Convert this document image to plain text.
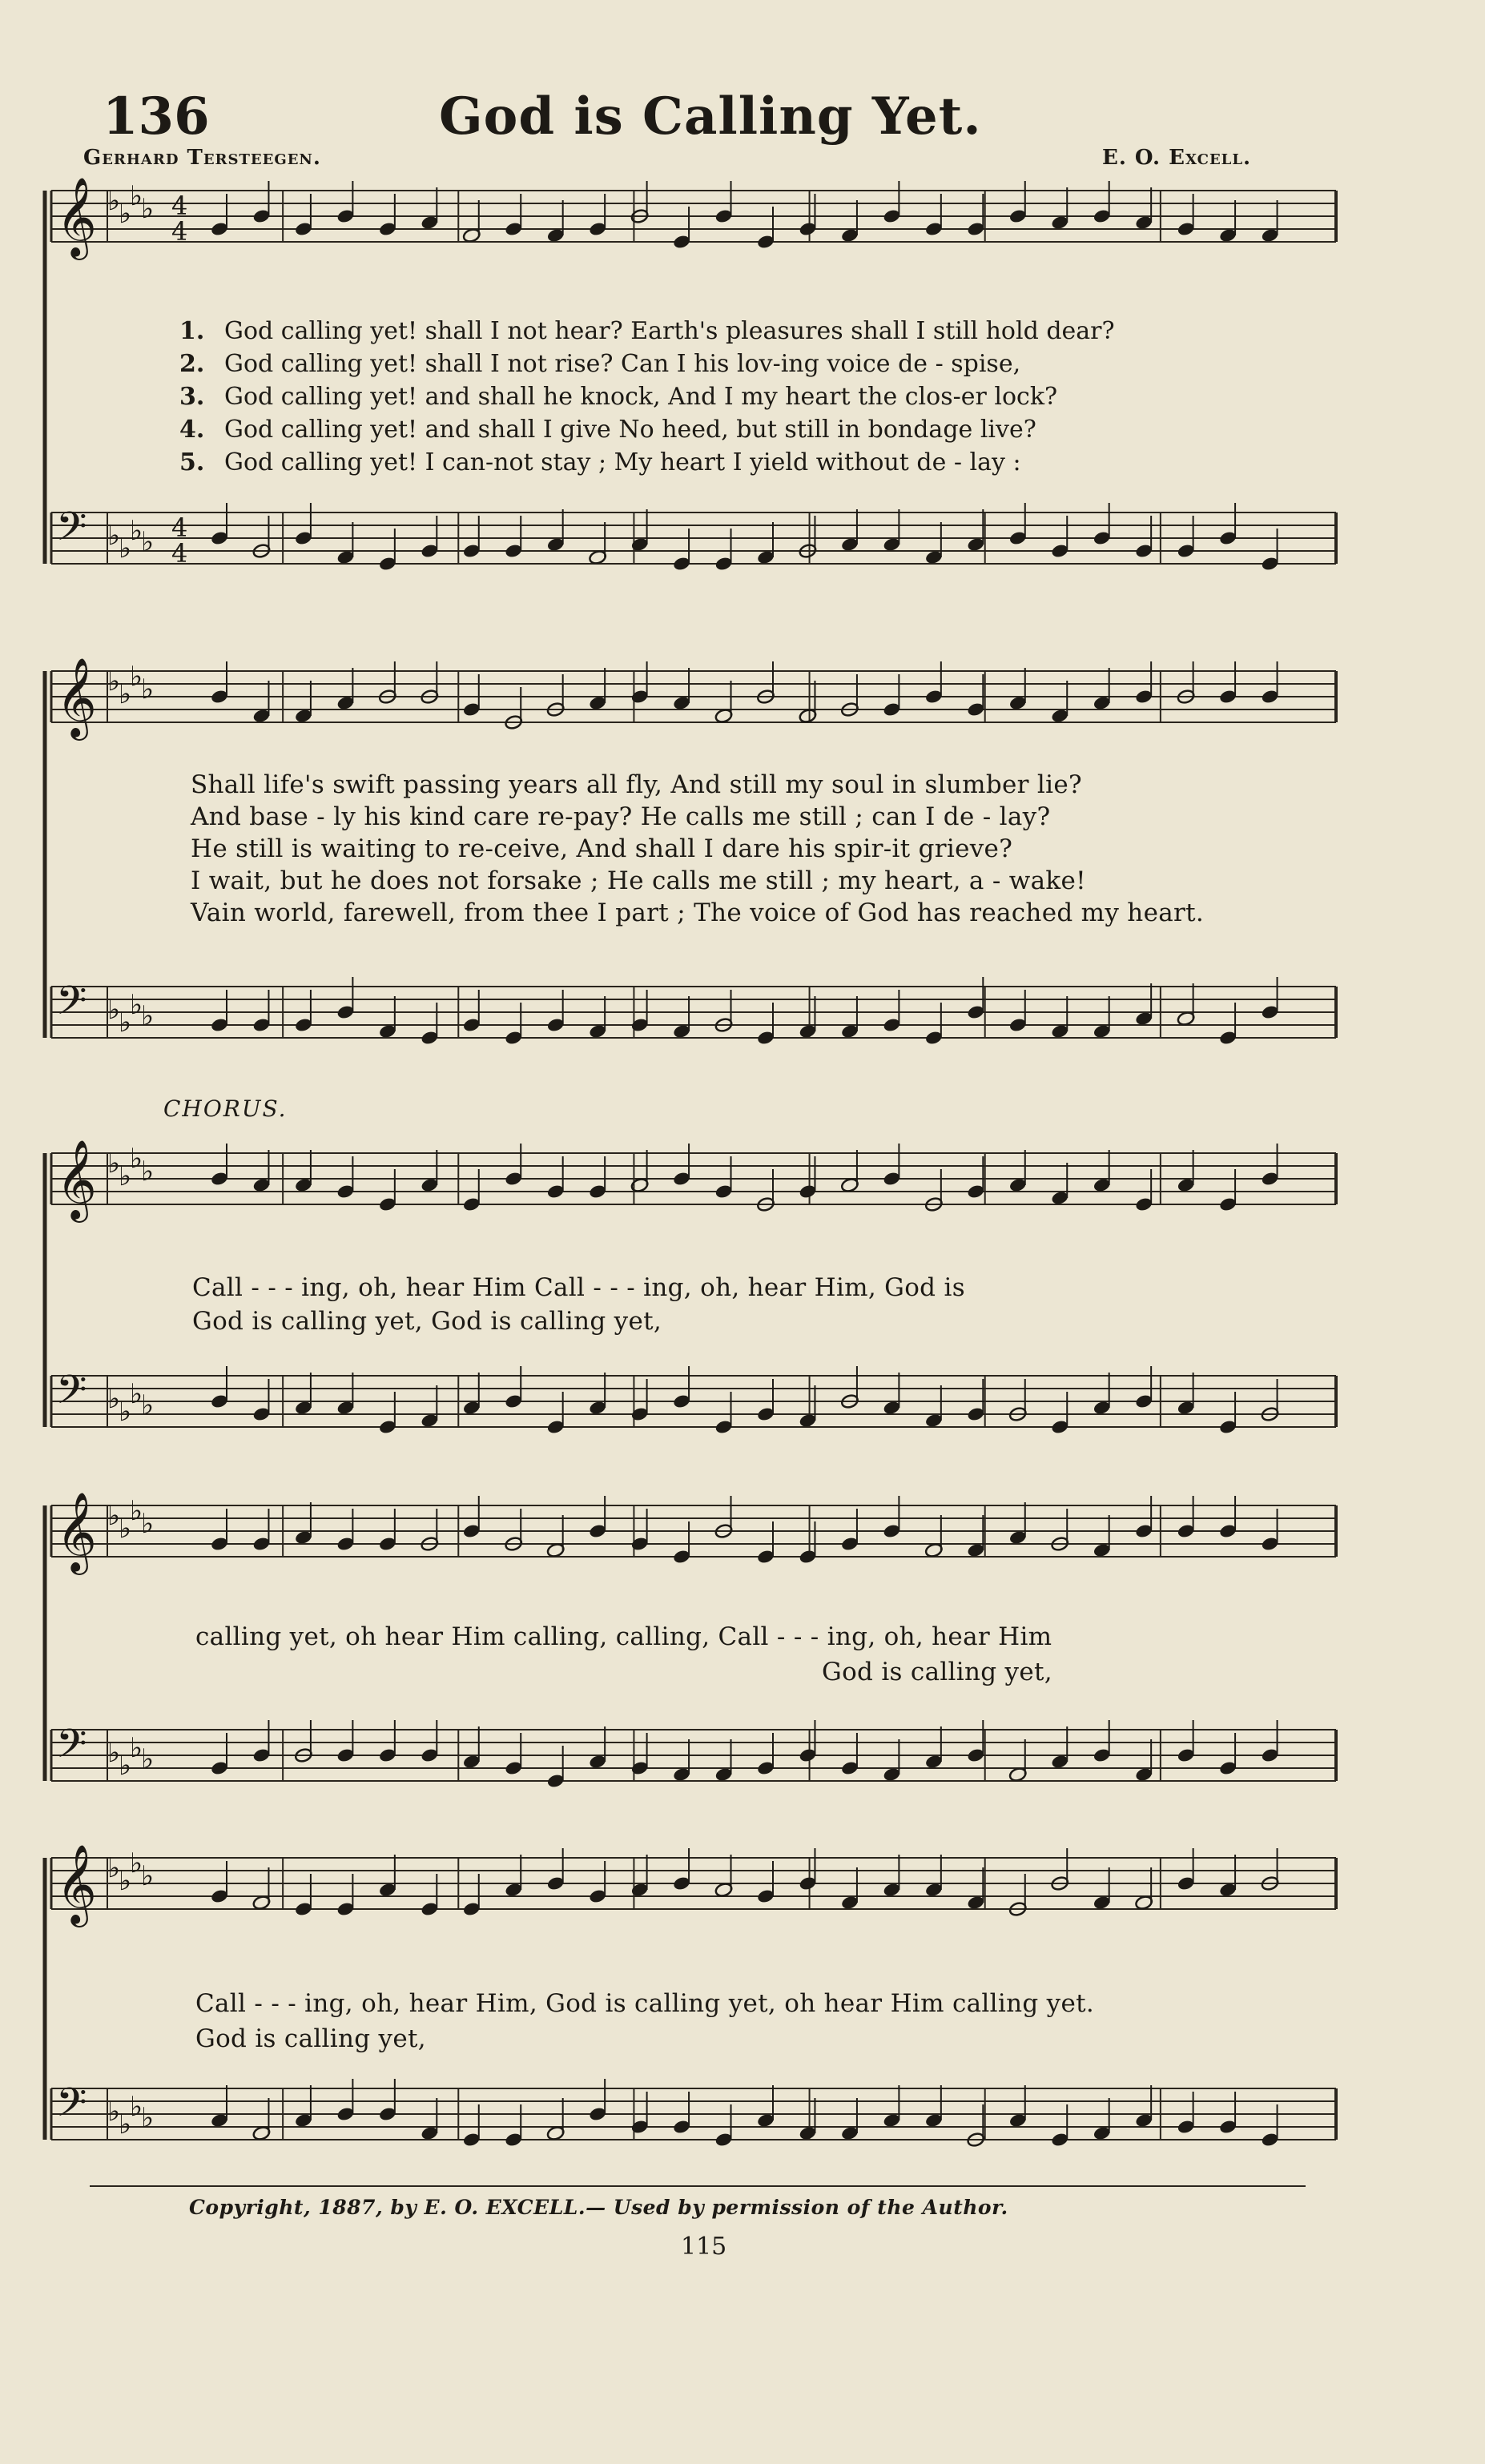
136	God is Calling Yet.
Gerhard Tersteegen.	E. O. Excell.
𝄞 ♭
♭
♭
♭ 4
4
𝄢 ♭
♭
♭
♭ 4
4
𝄞 ♭
♭
♭
♭
𝄢 ♭
♭
♭
♭
𝄞 ♭
♭
♭
♭
𝄢 ♭
♭
♭
♭
𝄞 ♭
♭
♭
♭
𝄢 ♭
♭
♭
♭
𝄞 ♭
♭
♭
♭
𝄢 ♭
♭
♭
♭
1. God calling yet! shall I not hear? Earth's pleasures shall I still hold dear?
2. God calling yet! shall I not rise? Can I his lov-ing voice de - spise,
3. God calling yet! and shall he knock, And I my heart the clos-er lock?
4. God calling yet! and shall I give No heed, but still in bondage live?
5. God calling yet! I can-not stay ; My heart I yield without de - lay :
Shall life's swift passing years all fly, And still my soul in slumber lie?
And base - ly his kind care re-pay? He calls me still ; can I de - lay?
He still is waiting to re-ceive, And shall I dare his spir-it grieve?
I wait, but he does not forsake ; He calls me still ; my heart, a - wake!
Vain world, farewell, from thee I part ; The voice of God has reached my heart.
CHORUS.
Call - - - ing, oh, hear Him Call - - - ing, oh, hear Him, God is
God is calling yet, God is calling yet,
calling yet, oh hear Him calling, calling, Call - - - ing, oh, hear Him
God is calling yet,
Call - - - ing, oh, hear Him, God is calling yet, oh hear Him calling yet.
God is calling yet,
Copyright, 1887, by E. O. EXCELL.— Used by permission of the Author.
115
